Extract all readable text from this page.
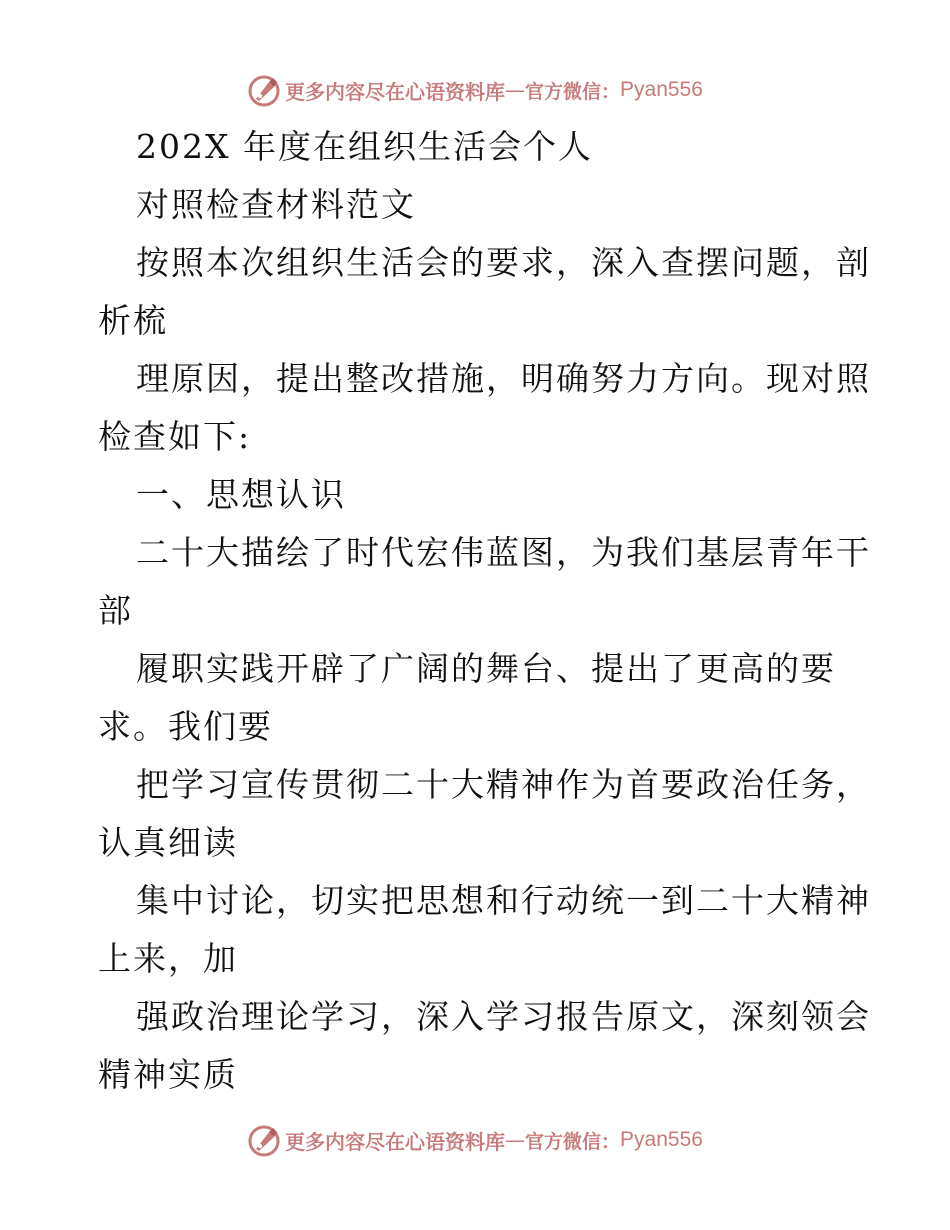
更多内容尽在心语资料库 — 官方微信： Pyan556
202X 年度在组织生活会个人
对照检查材料范文
按照本次组织生活会的要求，深入查摆问题，剖
析梳
理原因，提出整改措施，明确努力方向。现对照
检查如下:
一、思想认识
二十大描绘了时代宏伟蓝图，为我们基层青年干
部
履职实践开辟了广阔的舞台、提出了更高的要
求。我们要
把学习宣传贯彻二十大精神作为首要政治任务，
认真细读
集中讨论，切实把思想和行动统一到二十大精神
上来，加
强政治理论学习，深入学习报告原文，深刻领会
精神实质
更多内容尽在心语资料库 — 官方微信： Pyan556
